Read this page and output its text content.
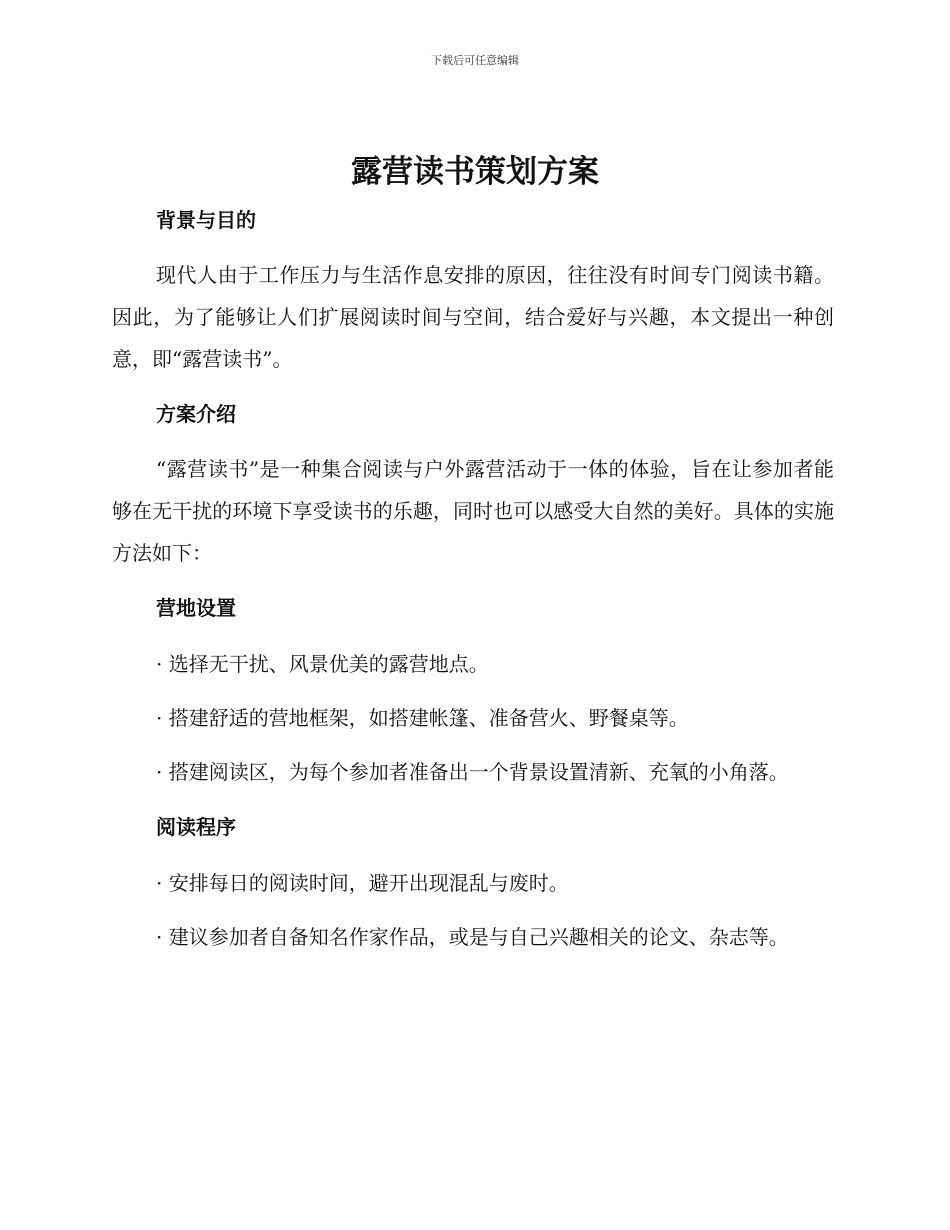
下载后可任意编辑
露营读书策划方案
背景与目的

现代人由于工作压力与生活作息安排的原因，往往没有时间专门阅读书籍。因此，为了能够让人们扩展阅读时间与空间，结合爱好与兴趣，本文提出一种创意，即“露营读书”。

方案介绍

“露营读书”是一种集合阅读与户外露营活动于一体的体验，旨在让参加者能够在无干扰的环境下享受读书的乐趣，同时也可以感受大自然的美好。具体的实施方法如下：

营地设置

· 选择无干扰、风景优美的露营地点。

· 搭建舒适的营地框架，如搭建帐篷、准备营火、野餐桌等。

· 搭建阅读区，为每个参加者准备出一个背景设置清新、充氧的小角落。

阅读程序

· 安排每日的阅读时间，避开出现混乱与废时。

· 建议参加者自备知名作家作品，或是与自己兴趣相关的论文、杂志等。
